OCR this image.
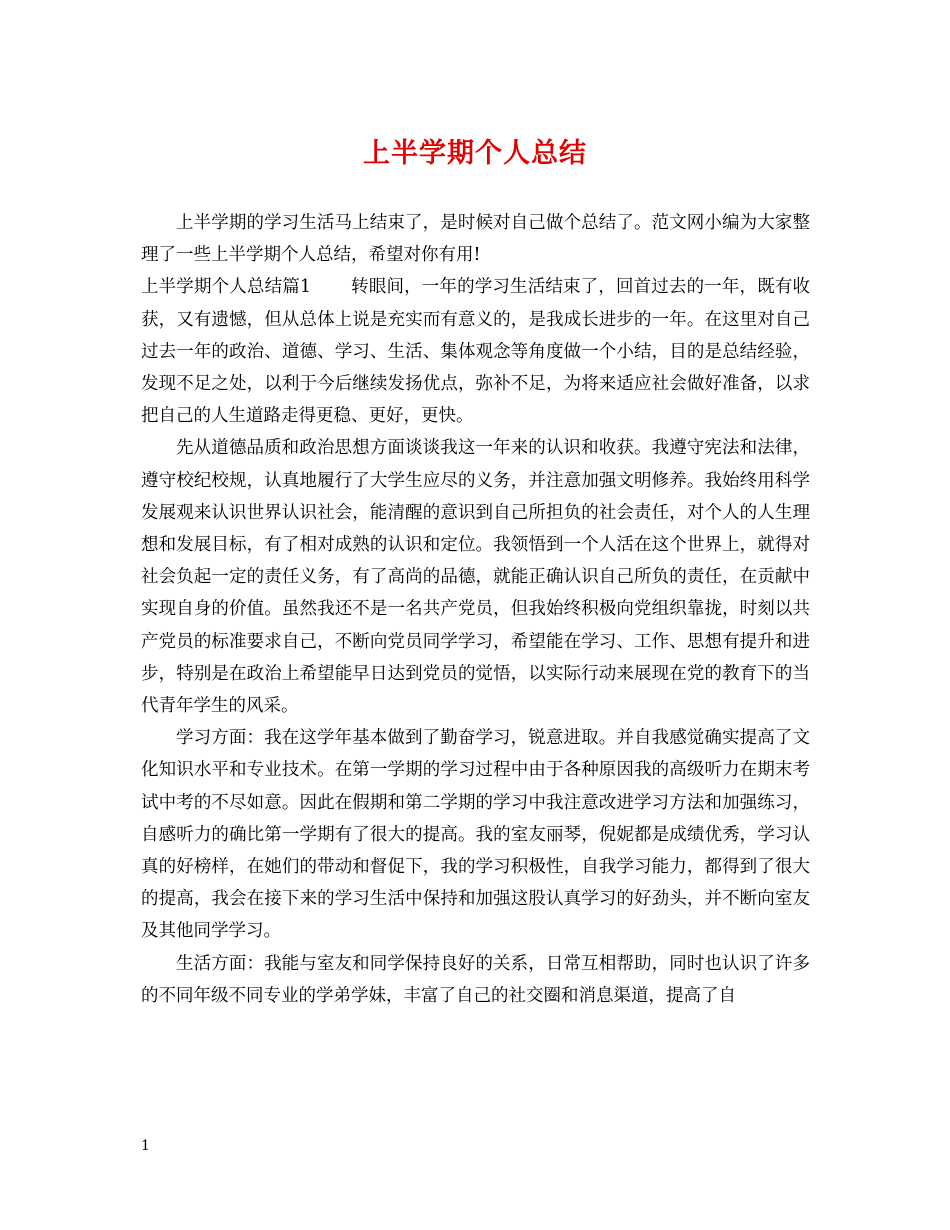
上半学期个人总结

上半学期的学习生活马上结束了，是时候对自己做个总结了。范文网小编为大家整理了一些上半学期个人总结，希望对你有用!

上半学期个人总结篇1 转眼间，一年的学习生活结束了，回首过去的一年，既有收获，又有遗憾，但从总体上说是充实而有意义的，是我成长进步的一年。在这里对自己过去一年的政治、道德、学习、生活、集体观念等角度做一个小结，目的是总结经验，发现不足之处，以利于今后继续发扬优点，弥补不足，为将来适应社会做好准备，以求把自己的人生道路走得更稳、更好，更快。

先从道德品质和政治思想方面谈谈我这一年来的认识和收获。我遵守宪法和法律，遵守校纪校规，认真地履行了大学生应尽的义务，并注意加强文明修养。我始终用科学发展观来认识世界认识社会，能清醒的意识到自己所担负的社会责任，对个人的人生理想和发展目标，有了相对成熟的认识和定位。我领悟到一个人活在这个世界上，就得对社会负起一定的责任义务，有了高尚的品德，就能正确认识自己所负的责任，在贡献中实现自身的价值。虽然我还不是一名共产党员，但我始终积极向党组织靠拢，时刻以共产党员的标准要求自己，不断向党员同学学习，希望能在学习、工作、思想有提升和进步，特别是在政治上希望能早日达到党员的觉悟，以实际行动来展现在党的教育下的当代青年学生的风采。

学习方面：我在这学年基本做到了勤奋学习，锐意进取。并自我感觉确实提高了文化知识水平和专业技术。在第一学期的学习过程中由于各种原因我的高级听力在期末考试中考的不尽如意。因此在假期和第二学期的学习中我注意改进学习方法和加强练习，自感听力的确比第一学期有了很大的提高。我的室友丽琴，倪妮都是成绩优秀，学习认真的好榜样，在她们的带动和督促下，我的学习积极性，自我学习能力，都得到了很大的提高，我会在接下来的学习生活中保持和加强这股认真学习的好劲头，并不断向室友及其他同学学习。

生活方面：我能与室友和同学保持良好的关系，日常互相帮助，同时也认识了许多的不同年级不同专业的学弟学妹，丰富了自己的社交圈和消息渠道，提高了自

1
